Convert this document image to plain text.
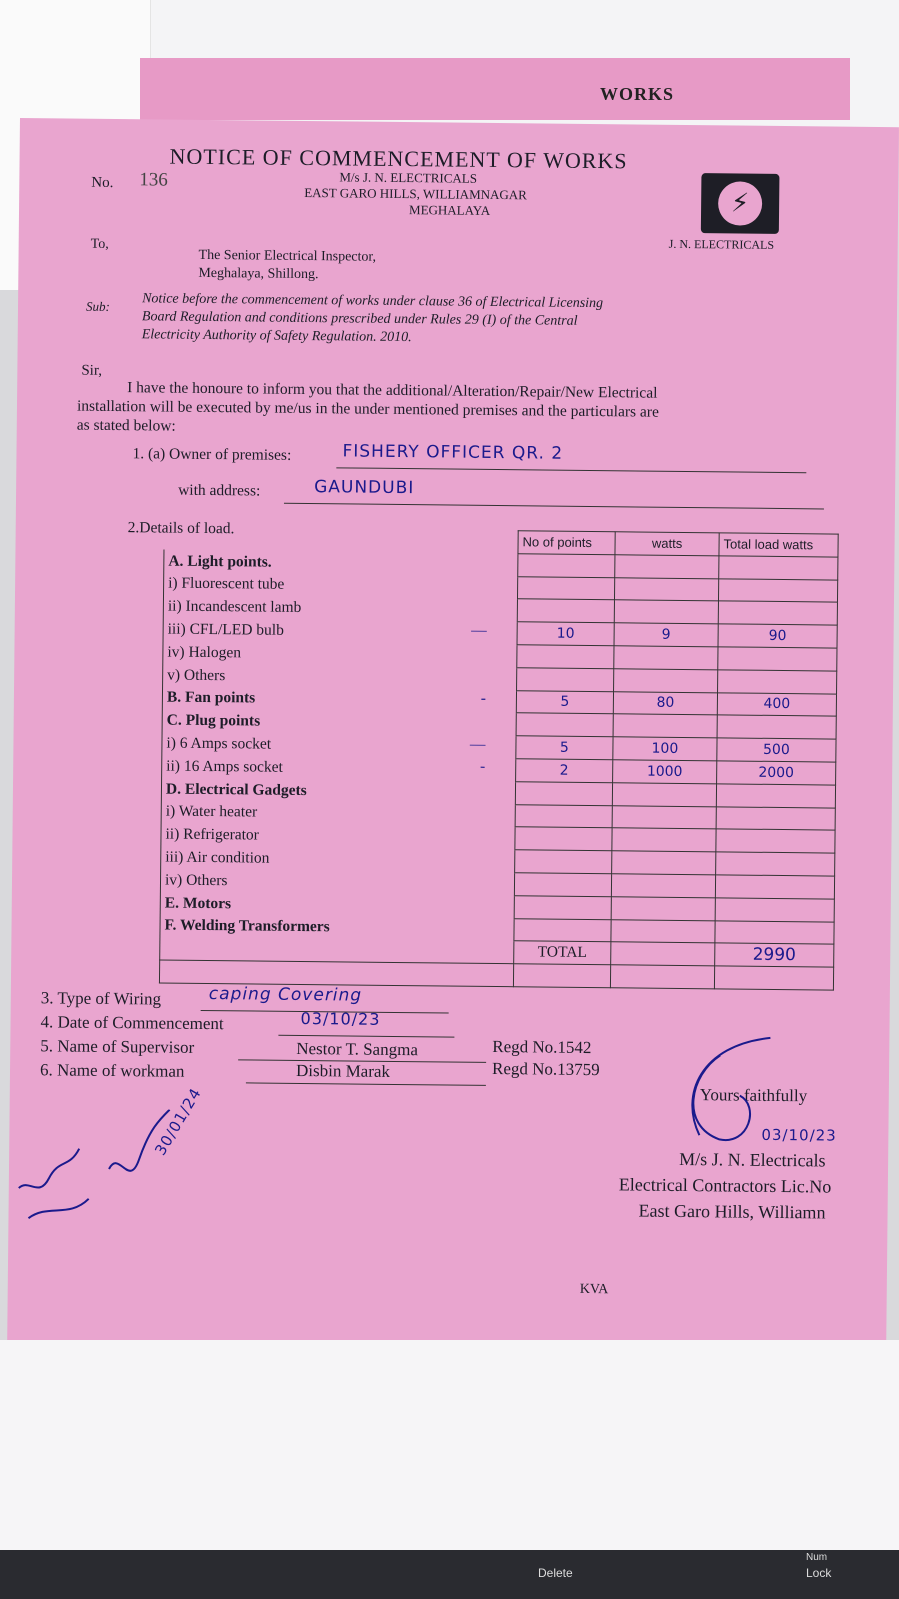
WORKS
NOTICE OF COMMENCEMENT OF WORKS
No. 136	M/s J. N. ELECTRICALS
EAST GARO HILLS, WILLIAMNAGAR
MEGHALAYA	⚡
J. N. ELECTRICALS
To,
The Senior Electrical Inspector,
Meghalaya, Shillong.
Sub: Notice before the commencement of works under clause 36 of Electrical Licensing
Board Regulation and conditions prescribed under Rules 29 (I) of the Central
Electricity Authority of Safety Regulation. 2010.
Sir,
I have the honoure to inform you that the additional/Alteration/Repair/New Electrical
installation will be executed by me/us in the under mentioned premises and the particulars are
as stated below:
1. (a) Owner of premises:	FISHERY OFFICER QR. 2
with address:	GAUNDUBI
2.Details of load.
	No of points	watts	Total load watts
A. Light points.			
i) Fluorescent tube			
ii) Incandescent lamb			
iii) CFL/LED bulb —	10	9	90
iv) Halogen			
v) Others			
B. Fan points -	5	80	400
C. Plug points			
i) 6 Amps socket —	5	100	500
ii) 16 Amps socket -	2	1000	2000
D. Electrical Gadgets			
i) Water heater			
ii) Refrigerator			
iii) Air condition			
iv) Others			
E. Motors			
F. Welding Transformers			
	TOTAL		2990

3. Type of Wiring	caping Covering
4. Date of Commencement	03/10/23
5. Name of Supervisor	Nestor T. Sangma	Regd No.1542
6. Name of workman	Disbin Marak	Regd No.13759
Yours faithfully
03/10/23
M/s J. N. Electricals
Electrical Contractors Lic.No
East Garo Hills, Williamn
30/01/24
KVA
Delete
Num
Lock
